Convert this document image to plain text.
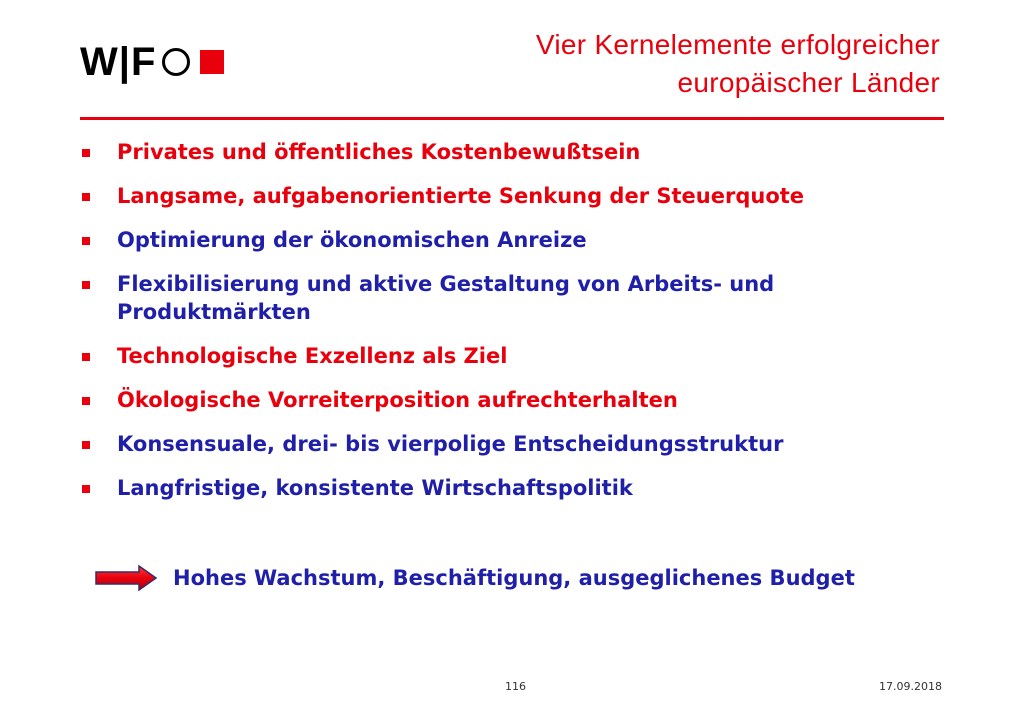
W|F	Vier Kernelemente erfolgreicher
europäischer Länder
Privates und öffentliches Kostenbewußtsein
Langsame, aufgabenorientierte Senkung der Steuerquote
Optimierung der ökonomischen Anreize
Flexibilisierung und aktive Gestaltung von Arbeits- und Produktmärkten
Technologische Exzellenz als Ziel
Ökologische Vorreiterposition aufrechterhalten
Konsensuale, drei- bis vierpolige Entscheidungsstruktur
Langfristige, konsistente Wirtschaftspolitik
Hohes Wachstum, Beschäftigung, ausgeglichenes Budget
116	17.09.2018
